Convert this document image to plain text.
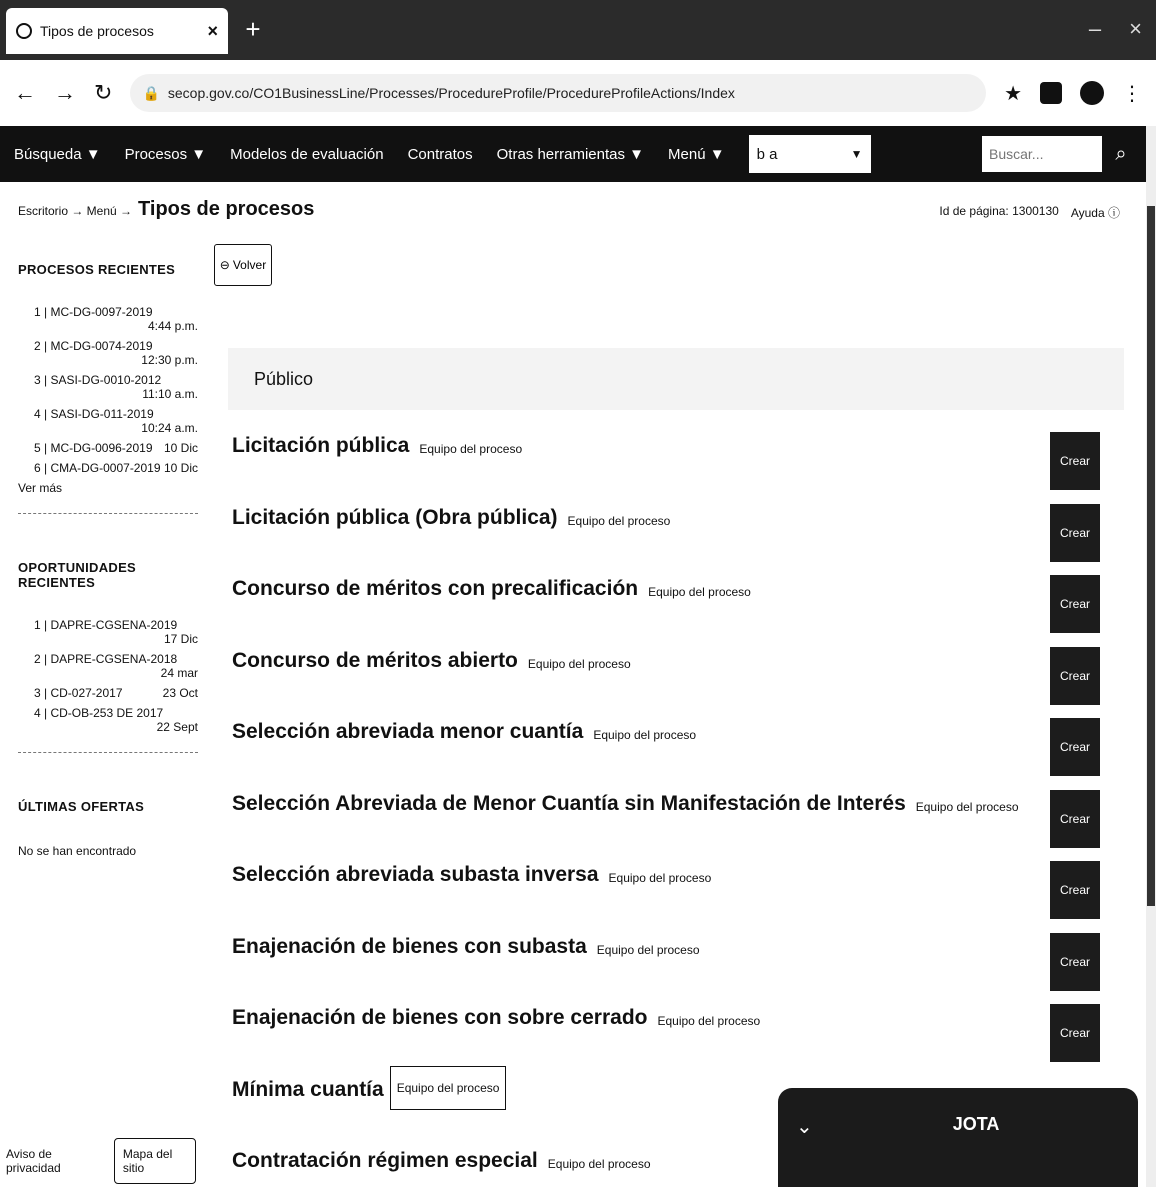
Tipos de procesos	× +	– ×
← → ↻ 🔒 secop.gov.co/CO1BusinessLine/Processes/ProcedureProfile/ProcedureProfileActions/Index	★	⋮
Búsqueda ▼	Procesos ▼	Modelos de evaluación	Contratos	Otras herramientas ▼	Menú ▼	b a	▼
Buscar...	⌕
Escritorio → Menú → Tipos de procesos	Id de página: 1300130 Ayuda ⓘ
⊖ Volver
PROCESOS RECIENTES
1 | MC-DG-0097-2019
4:44 p.m.
2 | MC-DG-0074-2019
12:30 p.m.
3 | SASI-DG-0010-2012
11:10 a.m.
4 | SASI-DG-011-2019
10:24 a.m.
5 | MC-DG-0096-2019 10 Dic
6 | CMA-DG-0007-2019 10 Dic
Ver más
OPORTUNIDADES RECIENTES
1 | DAPRE-CGSENA-2019
17 Dic
2 | DAPRE-CGSENA-2018
24 mar
3 | CD-027-2017	23 Oct
4 | CD-OB-253 DE 2017
22 Sept
ÚLTIMAS OFERTAS
No se han encontrado
Aviso de privacidad
Mapa del sitio
Público
Licitación pública Equipo del proceso
Crear
Licitación pública (Obra pública) Equipo del proceso
Crear
Concurso de méritos con precalificación Equipo del proceso
Crear
Concurso de méritos abierto Equipo del proceso
Crear
Selección abreviada menor cuantía Equipo del proceso
Crear
Selección Abreviada de Menor Cuantía sin Manifestación de Interés Equipo del proceso
Crear
Selección abreviada subasta inversa Equipo del proceso
Crear
Enajenación de bienes con subasta Equipo del proceso
Crear
Enajenación de bienes con sobre cerrado Equipo del proceso
Crear
Mínima cuantía	Equipo del proceso
Contratación régimen especial Equipo del proceso
⌄	JOTA
